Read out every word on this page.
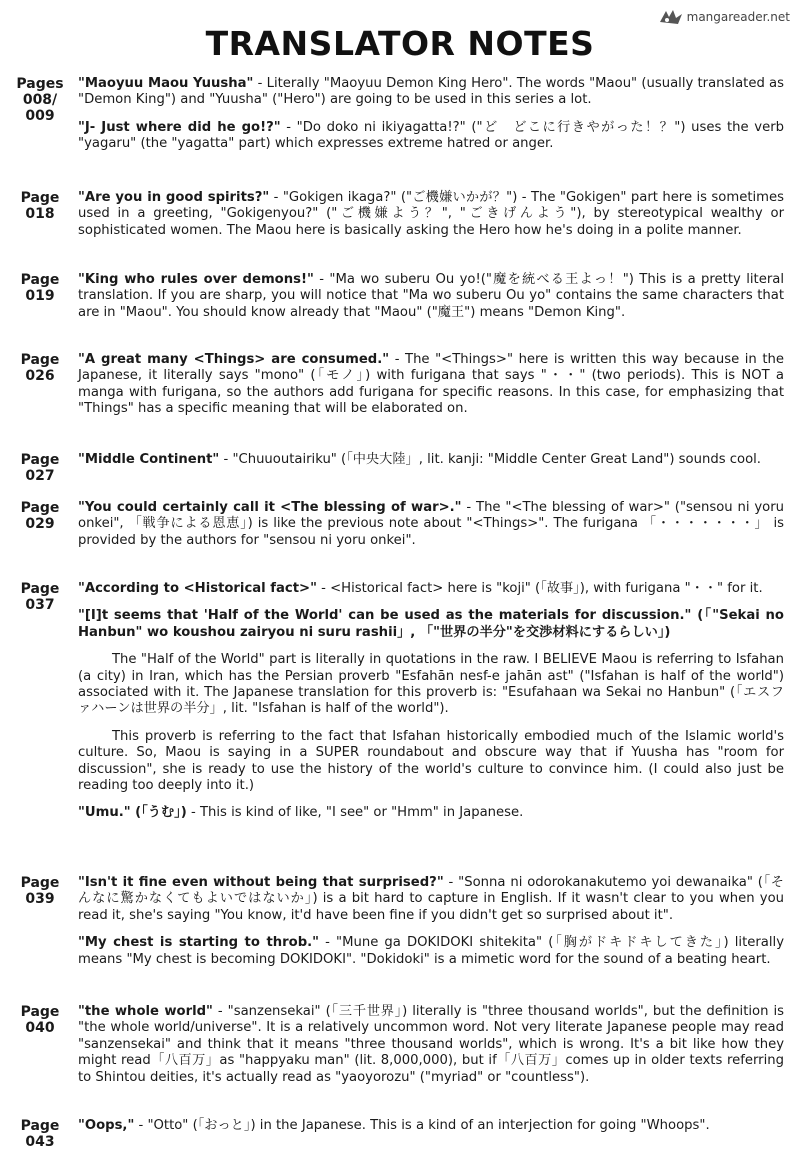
mangareader.net
TRANSLATOR NOTES
Pages
008/
009

"Maoyuu Maou Yuusha" - Literally "Maoyuu Demon King Hero". The words "Maou" (usually translated as "Demon King") and "Yuusha" ("Hero") are going to be used in this series a lot.

"J- Just where did he go!?" - "Do doko ni ikiyagatta!?" ("ど　どこに行きやがった！？") uses the verb "yagaru" (the "yagatta" part) which expresses extreme hatred or anger.

Page
018

"Are you in good spirits?" - "Gokigen ikaga?" ("ご機嫌いかが？") - The "Gokigen" part here is sometimes used in a greeting, "Gokigenyou?" ("ご機嫌よう？", "ごきげんよう"), by stereotypical wealthy or sophisticated women. The Maou here is basically asking the Hero how he's doing in a polite manner.

Page
019

"King who rules over demons!" - "Ma wo suberu Ou yo!("魔を統べる王よっ！") This is a pretty literal translation. If you are sharp, you will notice that "Ma wo suberu Ou yo" contains the same characters that are in "Maou". You should know already that "Maou" ("魔王") means "Demon King".

Page
026

"A great many <Things> are consumed." - The "<Things>" here is written this way because in the Japanese, it literally says "mono" (「モノ」) with furigana that says "・・" (two periods). This is NOT a manga with furigana, so the authors add furigana for specific reasons. In this case, for emphasizing that "Things" has a specific meaning that will be elaborated on.

Page
027

"Middle Continent" - "Chuuoutairiku" (「中央大陸」, lit. kanji: "Middle Center Great Land") sounds cool.

Page
029

"You could certainly call it <The blessing of war>." - The "<The blessing of war>" ("sensou ni yoru onkei", 「戦争による恩恵」) is like the previous note about "<Things>". The furigana 「・・・・・・・」 is provided by the authors for "sensou ni yoru onkei".

Page
037

"According to <Historical fact>" - <Historical fact> here is "koji" (「故事」), with furigana "・・" for it.

"[I]t seems that 'Half of the World' can be used as the materials for discussion." (「"Sekai no Hanbun" wo koushou zairyou ni suru rashii」, 「"世界の半分"を交渉材料にするらしい」)

The "Half of the World" part is literally in quotations in the raw. I BELIEVE Maou is referring to Isfahan (a city) in Iran, which has the Persian proverb "Esfahān nesf-e jahān ast" ("Isfahan is half of the world") associated with it. The Japanese translation for this proverb is: "Esufahaan wa Sekai no Hanbun" (「エスファハーンは世界の半分」, lit. "Isfahan is half of the world").

This proverb is referring to the fact that Isfahan historically embodied much of the Islamic world's culture. So, Maou is saying in a SUPER roundabout and obscure way that if Yuusha has "room for discussion", she is ready to use the history of the world's culture to convince him. (I could also just be reading too deeply into it.)

"Umu." (「うむ」) - This is kind of like, "I see" or "Hmm" in Japanese.

Page
039

"Isn't it fine even without being that surprised?" - "Sonna ni odorokanakutemo yoi dewanaika" (「そんなに驚かなくてもよいではないか」) is a bit hard to capture in English. If it wasn't clear to you when you read it, she's saying "You know, it'd have been fine if you didn't get so surprised about it".

"My chest is starting to throb." - "Mune ga DOKIDOKI shitekita" (「胸がドキドキしてきた」) literally means "My chest is becoming DOKIDOKI". "Dokidoki" is a mimetic word for the sound of a beating heart.

Page
040

"the whole world" - "sanzensekai" (「三千世界」) literally is "three thousand worlds", but the definition is "the whole world/universe". It is a relatively uncommon word. Not very literate Japanese people may read "sanzensekai" and think that it means "three thousand worlds", which is wrong. It's a bit like how they might read「八百万」as "happyaku man" (lit. 8,000,000), but if「八百万」comes up in older texts referring to Shintou deities, it's actually read as "yaoyorozu" ("myriad" or "countless").

Page
043

"Oops," - "Otto" (「おっと」) in the Japanese. This is a kind of an interjection for going "Whoops".
